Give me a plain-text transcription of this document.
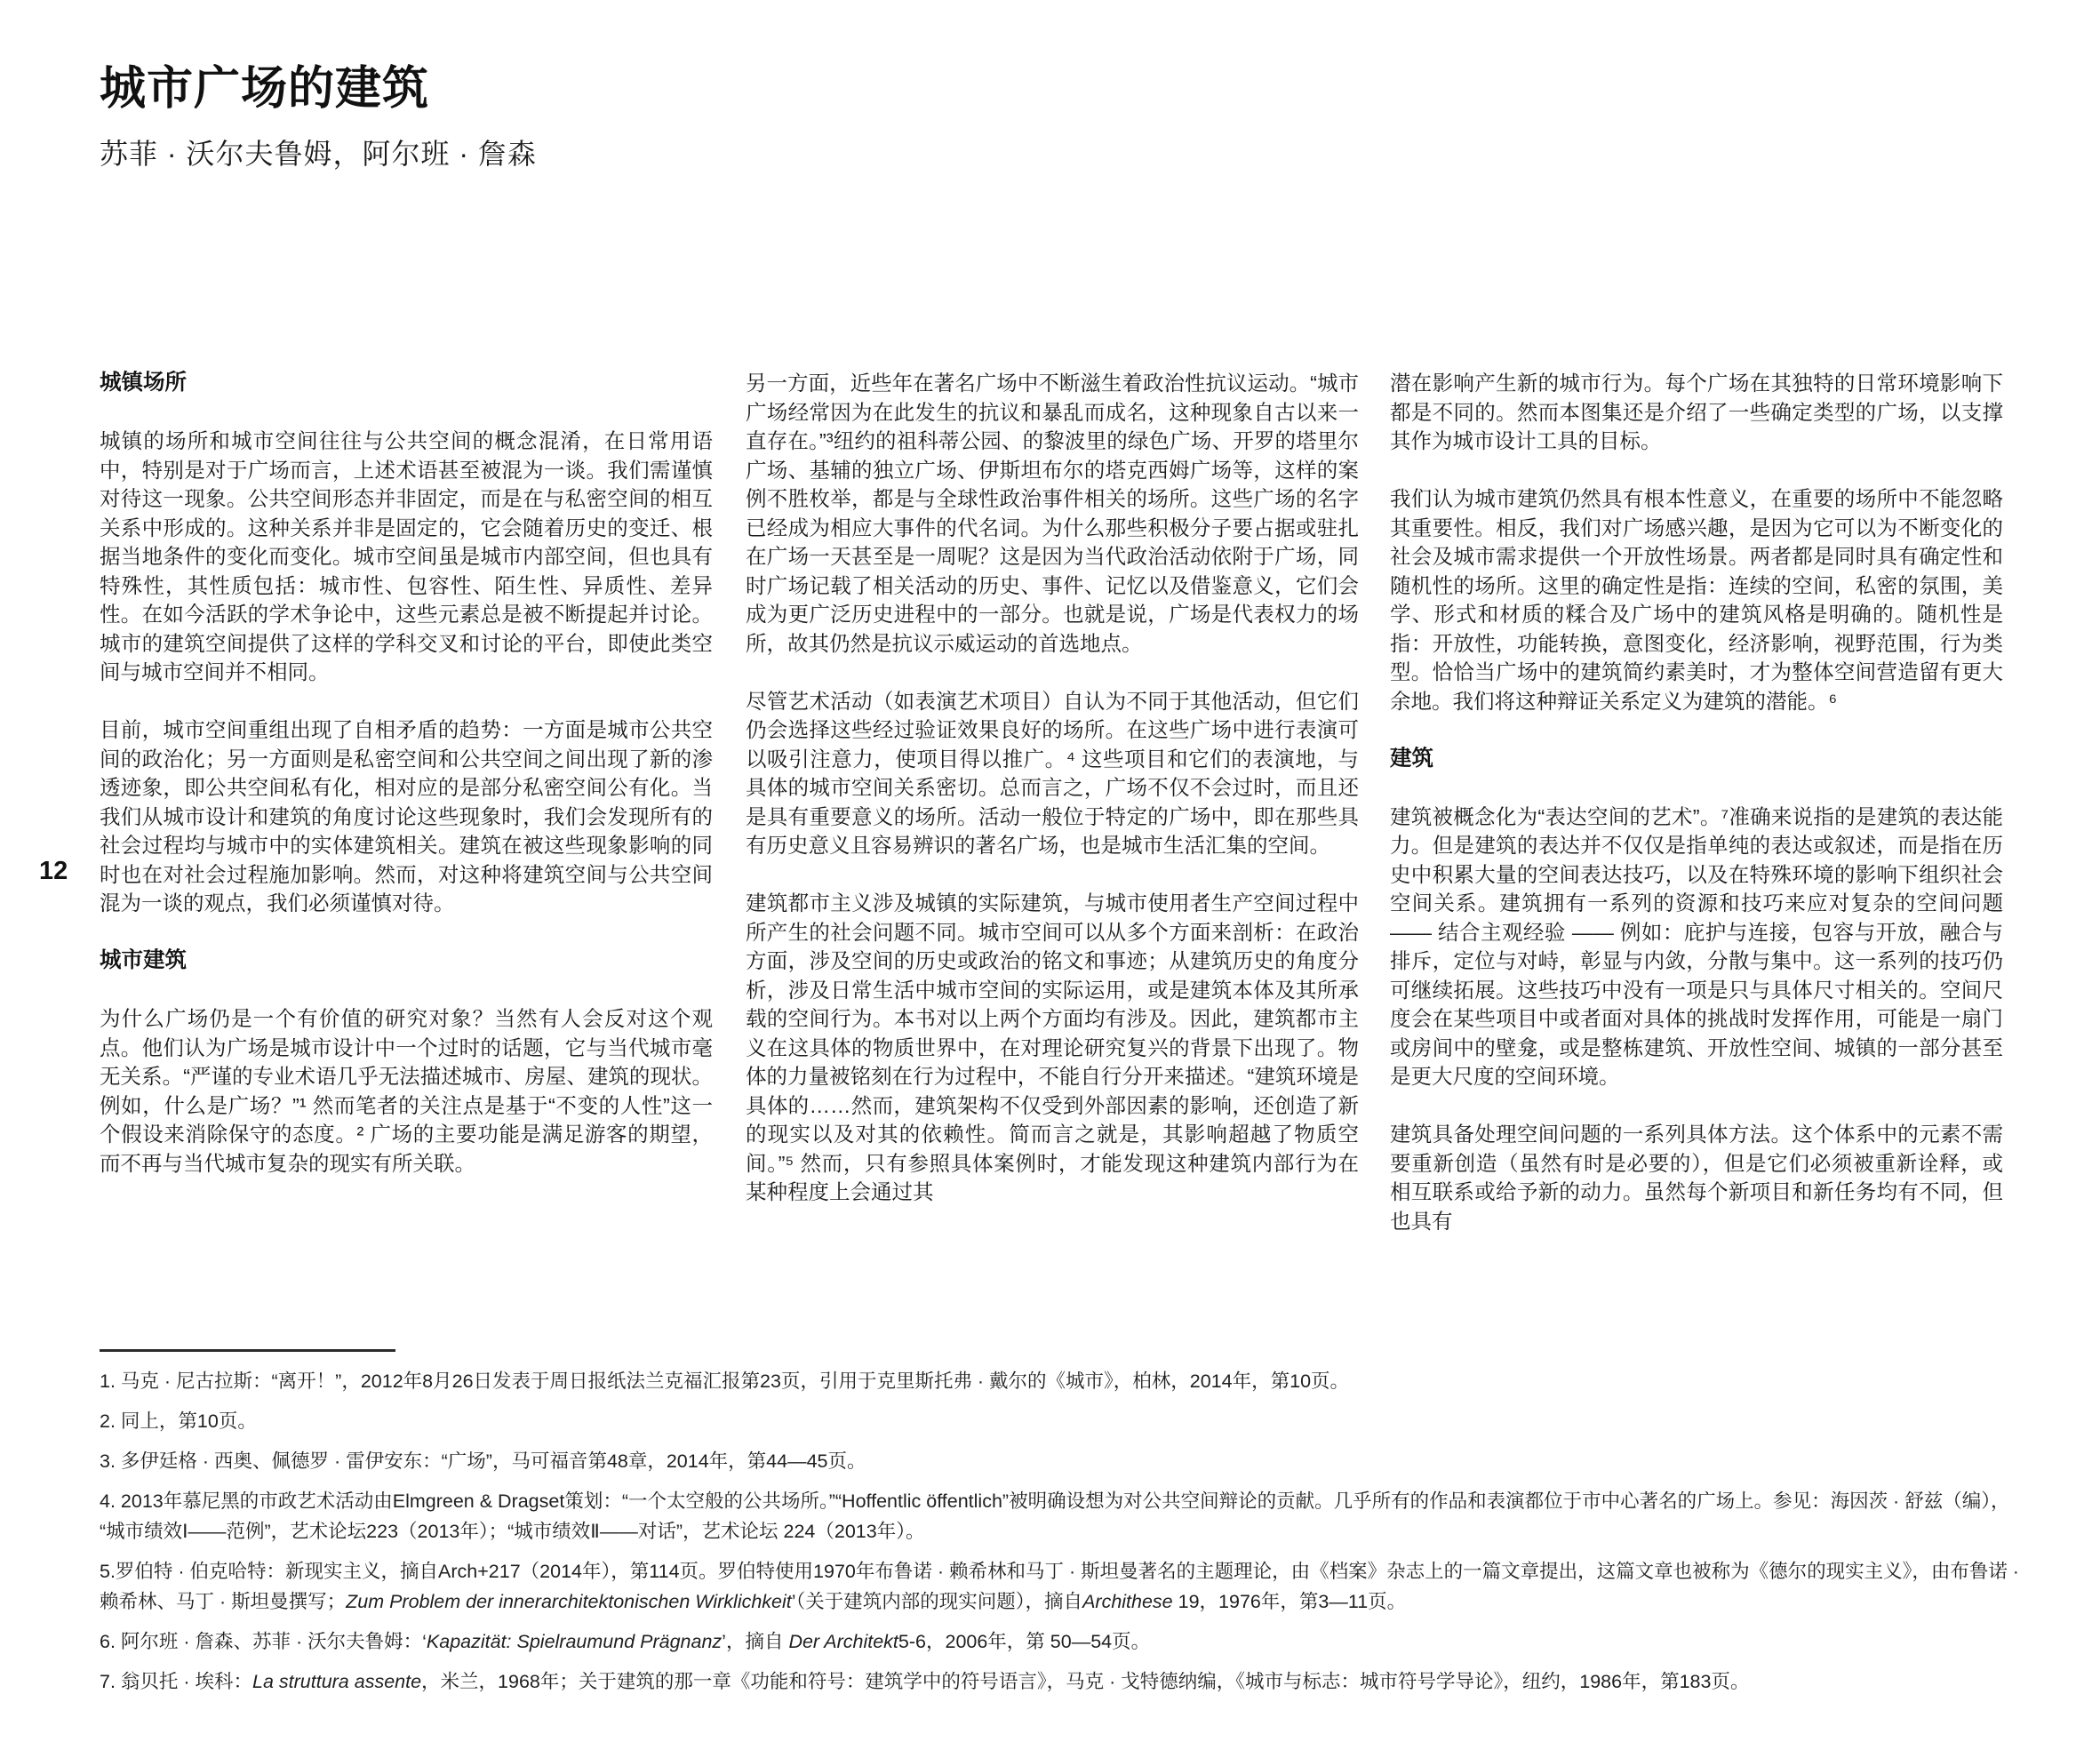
城市广场的建筑
苏菲 · 沃尔夫鲁姆，阿尔班 · 詹森
12
城镇场所

城镇的场所和城市空间往往与公共空间的概念混淆，在日常用语中，特别是对于广场而言，上述术语甚至被混为一谈。我们需谨慎对待这一现象。公共空间形态并非固定，而是在与私密空间的相互关系中形成的。这种关系并非是固定的，它会随着历史的变迁、根据当地条件的变化而变化。城市空间虽是城市内部空间，但也具有特殊性，其性质包括：城市性、包容性、陌生性、异质性、差异性。在如今活跃的学术争论中，这些元素总是被不断提起并讨论。城市的建筑空间提供了这样的学科交叉和讨论的平台，即使此类空间与城市空间并不相同。

目前，城市空间重组出现了自相矛盾的趋势：一方面是城市公共空间的政治化；另一方面则是私密空间和公共空间之间出现了新的渗透迹象，即公共空间私有化，相对应的是部分私密空间公有化。当我们从城市设计和建筑的角度讨论这些现象时，我们会发现所有的社会过程均与城市中的实体建筑相关。建筑在被这些现象影响的同时也在对社会过程施加影响。然而，对这种将建筑空间与公共空间混为一谈的观点，我们必须谨慎对待。

城市建筑

为什么广场仍是一个有价值的研究对象？当然有人会反对这个观点。他们认为广场是城市设计中一个过时的话题，它与当代城市毫无关系。“严谨的专业术语几乎无法描述城市、房屋、建筑的现状。例如，什么是广场？”¹ 然而笔者的关注点是基于“不变的人性”这一个假设来消除保守的态度。² 广场的主要功能是满足游客的期望，而不再与当代城市复杂的现实有所关联。

另一方面，近些年在著名广场中不断滋生着政治性抗议运动。“城市广场经常因为在此发生的抗议和暴乱而成名，这种现象自古以来一直存在。”³纽约的祖科蒂公园、的黎波里的绿色广场、开罗的塔里尔广场、基辅的独立广场、伊斯坦布尔的塔克西姆广场等，这样的案例不胜枚举，都是与全球性政治事件相关的场所。这些广场的名字已经成为相应大事件的代名词。为什么那些积极分子要占据或驻扎在广场一天甚至是一周呢？这是因为当代政治活动依附于广场，同时广场记载了相关活动的历史、事件、记忆以及借鉴意义，它们会成为更广泛历史进程中的一部分。也就是说，广场是代表权力的场所，故其仍然是抗议示威运动的首选地点。

尽管艺术活动（如表演艺术项目）自认为不同于其他活动，但它们仍会选择这些经过验证效果良好的场所。在这些广场中进行表演可以吸引注意力，使项目得以推广。⁴ 这些项目和它们的表演地，与具体的城市空间关系密切。总而言之，广场不仅不会过时，而且还是具有重要意义的场所。活动一般位于特定的广场中，即在那些具有历史意义且容易辨识的著名广场，也是城市生活汇集的空间。

建筑都市主义涉及城镇的实际建筑，与城市使用者生产空间过程中所产生的社会问题不同。城市空间可以从多个方面来剖析：在政治方面，涉及空间的历史或政治的铭文和事迹；从建筑历史的角度分析，涉及日常生活中城市空间的实际运用，或是建筑本体及其所承载的空间行为。本书对以上两个方面均有涉及。因此，建筑都市主义在这具体的物质世界中，在对理论研究复兴的背景下出现了。物体的力量被铭刻在行为过程中，不能自行分开来描述。“建筑环境是具体的……然而，建筑架构不仅受到外部因素的影响，还创造了新的现实以及对其的依赖性。简而言之就是，其影响超越了物质空间。”⁵ 然而，只有参照具体案例时，才能发现这种建筑内部行为在某种程度上会通过其

潜在影响产生新的城市行为。每个广场在其独特的日常环境影响下都是不同的。然而本图集还是介绍了一些确定类型的广场，以支撑其作为城市设计工具的目标。

我们认为城市建筑仍然具有根本性意义，在重要的场所中不能忽略其重要性。相反，我们对广场感兴趣，是因为它可以为不断变化的社会及城市需求提供一个开放性场景。两者都是同时具有确定性和随机性的场所。这里的确定性是指：连续的空间，私密的氛围，美学、形式和材质的糅合及广场中的建筑风格是明确的。随机性是指：开放性，功能转换，意图变化，经济影响，视野范围，行为类型。恰恰当广场中的建筑简约素美时，才为整体空间营造留有更大余地。我们将这种辩证关系定义为建筑的潜能。⁶

建筑

建筑被概念化为“表达空间的艺术”。⁷准确来说指的是建筑的表达能力。但是建筑的表达并不仅仅是指单纯的表达或叙述，而是指在历史中积累大量的空间表达技巧，以及在特殊环境的影响下组织社会空间关系。建筑拥有一系列的资源和技巧来应对复杂的空间问题 —— 结合主观经验 —— 例如：庇护与连接，包容与开放，融合与排斥，定位与对峙，彰显与内敛，分散与集中。这一系列的技巧仍可继续拓展。这些技巧中没有一项是只与具体尺寸相关的。空间尺度会在某些项目中或者面对具体的挑战时发挥作用，可能是一扇门或房间中的壁龛，或是整栋建筑、开放性空间、城镇的一部分甚至是更大尺度的空间环境。

建筑具备处理空间问题的一系列具体方法。这个体系中的元素不需要重新创造（虽然有时是必要的），但是它们必须被重新诠释，或相互联系或给予新的动力。虽然每个新项目和新任务均有不同，但也具有

1. 马克 · 尼古拉斯：“离开！”，2012年8月26日发表于周日报纸法兰克福汇报第23页，引用于克里斯托弗 · 戴尔的《城市》，柏林，2014年，第10页。
2. 同上，第10页。
3. 多伊廷格 · 西奥、佩德罗 · 雷伊安东：“广场”，马可福音第48章，2014年，第44—45页。
4. 2013年慕尼黑的市政艺术活动由Elmgreen & Dragset策划：“一个太空般的公共场所。”“Hoffentlic öffentlich”被明确设想为对公共空间辩论的贡献。几乎所有的作品和表演都位于市中心著名的广场上。参见：海因茨 · 舒兹（编），“城市绩效Ⅰ——范例”，艺术论坛223（2013年）；“城市绩效Ⅱ——对话”，艺术论坛 224（2013年）。
5.罗伯特 · 伯克哈特：新现实主义，摘自Arch+217（2014年），第114页。罗伯特使用1970年布鲁诺 · 赖希林和马丁 · 斯坦曼著名的主题理论，由《档案》杂志上的一篇文章提出，这篇文章也被称为《德尔的现实主义》，由布鲁诺 · 赖希林、马丁 · 斯坦曼撰写；Zum Problem der innerarchitektonischen Wirklichkeit’（关于建筑内部的现实问题），摘自Archithese 19，1976年，第3—11页。
6. 阿尔班 · 詹森、苏菲 · 沃尔夫鲁姆：‘Kapazität: Spielraumund Prägnanz’，摘自 Der Architekt5-6，2006年，第 50—54页。
7. 翁贝托 · 埃科：La struttura assente，米兰，1968年；关于建筑的那一章《功能和符号：建筑学中的符号语言》，马克 · 戈特德纳编，《城市与标志：城市符号学导论》，纽约，1986年，第183页。
